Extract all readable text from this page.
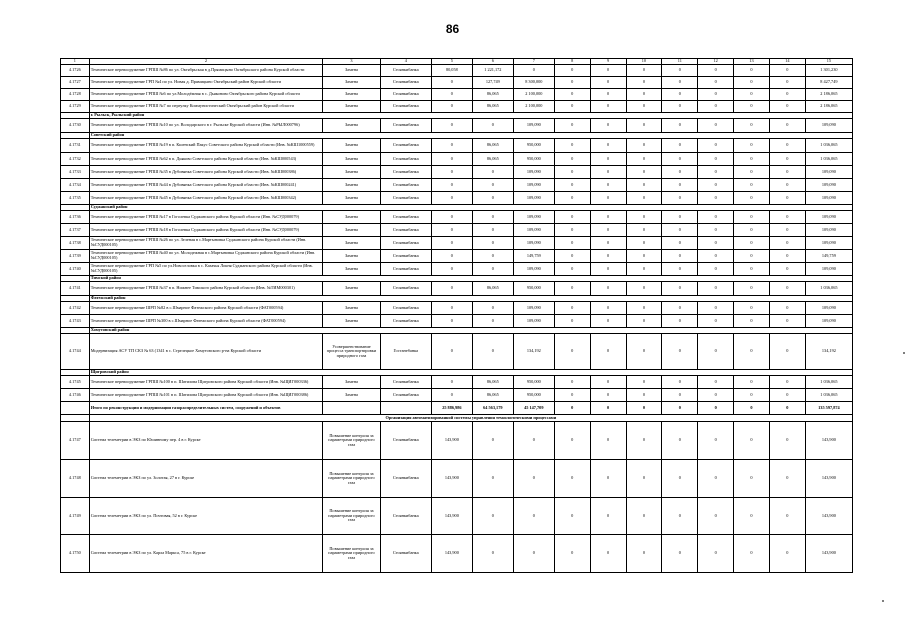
86
1	2	3	4	5	6	7	8	9	10	11	12	13	14	15
4.1726	Техническое перевооружение ГРПШ №86 по ул. Октябрьская в д.Прямицыно Октябрьского района Курской области	Замена	Стоянкибанка	80,058	1 221,172	0	0	0	0	0	0	0	0	1 301,230
4.1727	Техническое перевооружение ГРП №4 по ул. Новая д. Прямицыно Октябрьский район Курской области	Замена	Стоянкибанка	0	127,749	8 300,000	0	0	0	0	0	0	0	8 427,749
4.1728	Техническое перевооружение ГРПШ №6 по ул.Молодёжная в с. Дьяконово Октябрьского района Курской области	Замена	Стоянкибанка	0	86,065	2 100,000	0	0	0	0	0	0	0	2 186,065
4.1729	Техническое перевооружение ГРПШ №7 по переулку Коммунистический Октябрьский район Курской области	Замена	Стоянкибанка	0	86,065	2 100,000	0	0	0	0	0	0	0	2 186,065
	г. Рыльск, Рыльский район													
4.1730	Техническое перевооружение ГРПШ №10 по ул. Володарского в г. Рыльске Курской области (Инв. №РЫЛ000796)	Замена	Стоянкибанка	0	0	109,090	0	0	0	0	0	0	0	109,090
	Советский район													
4.1731	Техническое перевооружение ГРПШ №19 в п. Кшенский Пакус Советского района Курской области (Инв. №КШ1000559)	Замена	Стоянкибанка	0	86,065	950,000	0	0	0	0	0	0	0	1 036,065
4.1732	Техническое перевооружение ГРПШ №62 в п. Дьяково Советского района Курской области (Инв. №КШ000543)	Замена	Стоянкибанка	0	86,065	950,000	0	0	0	0	0	0	0	1 036,065
4.1733	Техническое перевооружение ГРПШ №35 в Дубовянка Советского района Курской области (Инв. №КШ000386)	Замена	Стоянкибанка	0	0	109,090	0	0	0	0	0	0	0	109,090
4.1734	Техническое перевооружение ГРПШ №44 в Дубовянка Советского района Курской области (Инв. №КШ000241)	Замена	Стоянкибанка	0	0	109,090	0	0	0	0	0	0	0	109,090
4.1735	Техническое перевооружение ГРПШ №45 в Дубовянка Советского района Курской области (Инв. №КШ000342)	Замена	Стоянкибанка	0	0	109,090	0	0	0	0	0	0	0	109,090
	Суджанский район													
4.1736	Техническое перевооружение ГРПШ №17 в Гоголевка Суджанского района Курской области (Инв. №СУД000079)	Замена	Стоянкибанка	0	0	109,090	0	0	0	0	0	0	0	109,090
4.1737	Техническое перевооружение ГРПШ №18 в Гоголевка Суджанского района Курской области (Инв. №СУД000079)	Замена	Стоянкибанка	0	0	109,090	0	0	0	0	0	0	0	109,090
4.1738	Техническое перевооружение ГРПШ №26 по ул. Зеленая в с.Мартыновка Суджанского района Курской области (Инв. №СУД000105)	Замена	Стоянкибанка	0	0	109,090	0	0	0	0	0	0	0	109,090
4.1739	Техническое перевооружение ГРПШ №40 по ул. Молодежная в с.Мартыновка Суджанского района Курской области (Инв. №СУД000105)	Замена	Стоянкибанка	0	0	149,759	0	0	0	0	0	0	0	149,759
4.1740	Техническое перевооружение ГРП №5 по ул.Новоселовка в с. Казачья Локня Суджанского района Курской области (Инв. №СУД000105)	Замена	Стоянкибанка	0	0	109,090	0	0	0	0	0	0	0	109,090
	Тимский район													
4.1741	Техническое перевооружение ГРПШ №37 в п. Нижнее Тимского района Курской области (Инв. №ТИМ000301)	Замена	Стоянкибанка	0	86,065	950,000	0	0	0	0	0	0	0	1 036,065
	Фатежский район													
4.1742	Техническое перевооружение ШРП №82 в с.Шмарное Фатежского района Курской области (ФАТ000594)	Замена	Стоянкибанка	0	0	109,090	0	0	0	0	0	0	0	109,090
4.1743	Техническое перевооружение ШРП №300 в с.Шмарное Фатежского района Курской области (ФАТ000594)	Замена	Стоянкибанка	0	0	109,090	0	0	0	0	0	0	0	109,090
	Хомутовский район													
4.1744	Модернизация АСУ ТП СКЗ № 63 (1341 в с. Стрелецкое Хомутовского р-на Курской области	Усовершенствование процесса транспортировки природного газа	Гостанебанка	0	0	134,192	0	0	0	0	0	0	0	134,192
	Щигровский район													
4.1745	Техническое перевооружение ГРПШ №100 в п. Шатилова Щигровского района Курской области (Инв. №ЩИГ000336)	Замена	Стоянкибанка	0	86,065	950,000	0	0	0	0	0	0	0	1 036,065
4.1746	Техническое перевооружение ГРПШ №101 в п. Шатилова Щигровского района Курской области (Инв. №ЩИГ000386)	Замена	Стоянкибанка	0	86,065	950,000	0	0	0	0	0	0	0	1 036,065
	Итого по реконструкции и модернизации газораспределительных систем, сооружений и объектов			25 886,986	64 563,179	45 147,709	0	0	0	0	0	0	0	135 597,874
	Организация автоматизированной системы управления технологическими процессами													
4.1747	Система телеметрии в ЭКЗ по Юшинному пер. 4 в г. Курске	Повышение контроля за параметрами природного газа	Стоянкибанка	143,900	0	0	0	0	0	0	0	0	0	143,900
4.1748	Система телеметрии в ЭКЗ по ул. Золотая, 27 в г. Курске	Повышение контроля за параметрами природного газа	Стоянкибанка	143,900	0	0	0	0	0	0	0	0	0	143,900
4.1749	Система телеметрии в ЭКЗ по ул. Почтовая, 52 в г. Курске	Повышение контроля за параметрами природного газа	Стоянкибанка	143,900	0	0	0	0	0	0	0	0	0	143,900
4.1750	Система телеметрии в ЭКЗ по ул. Карла Маркса, 75 в г. Курске	Повышение контроля за параметрами природного газа	Стоянкибанка	143,900	0	0	0	0	0	0	0	0	0	143,900
